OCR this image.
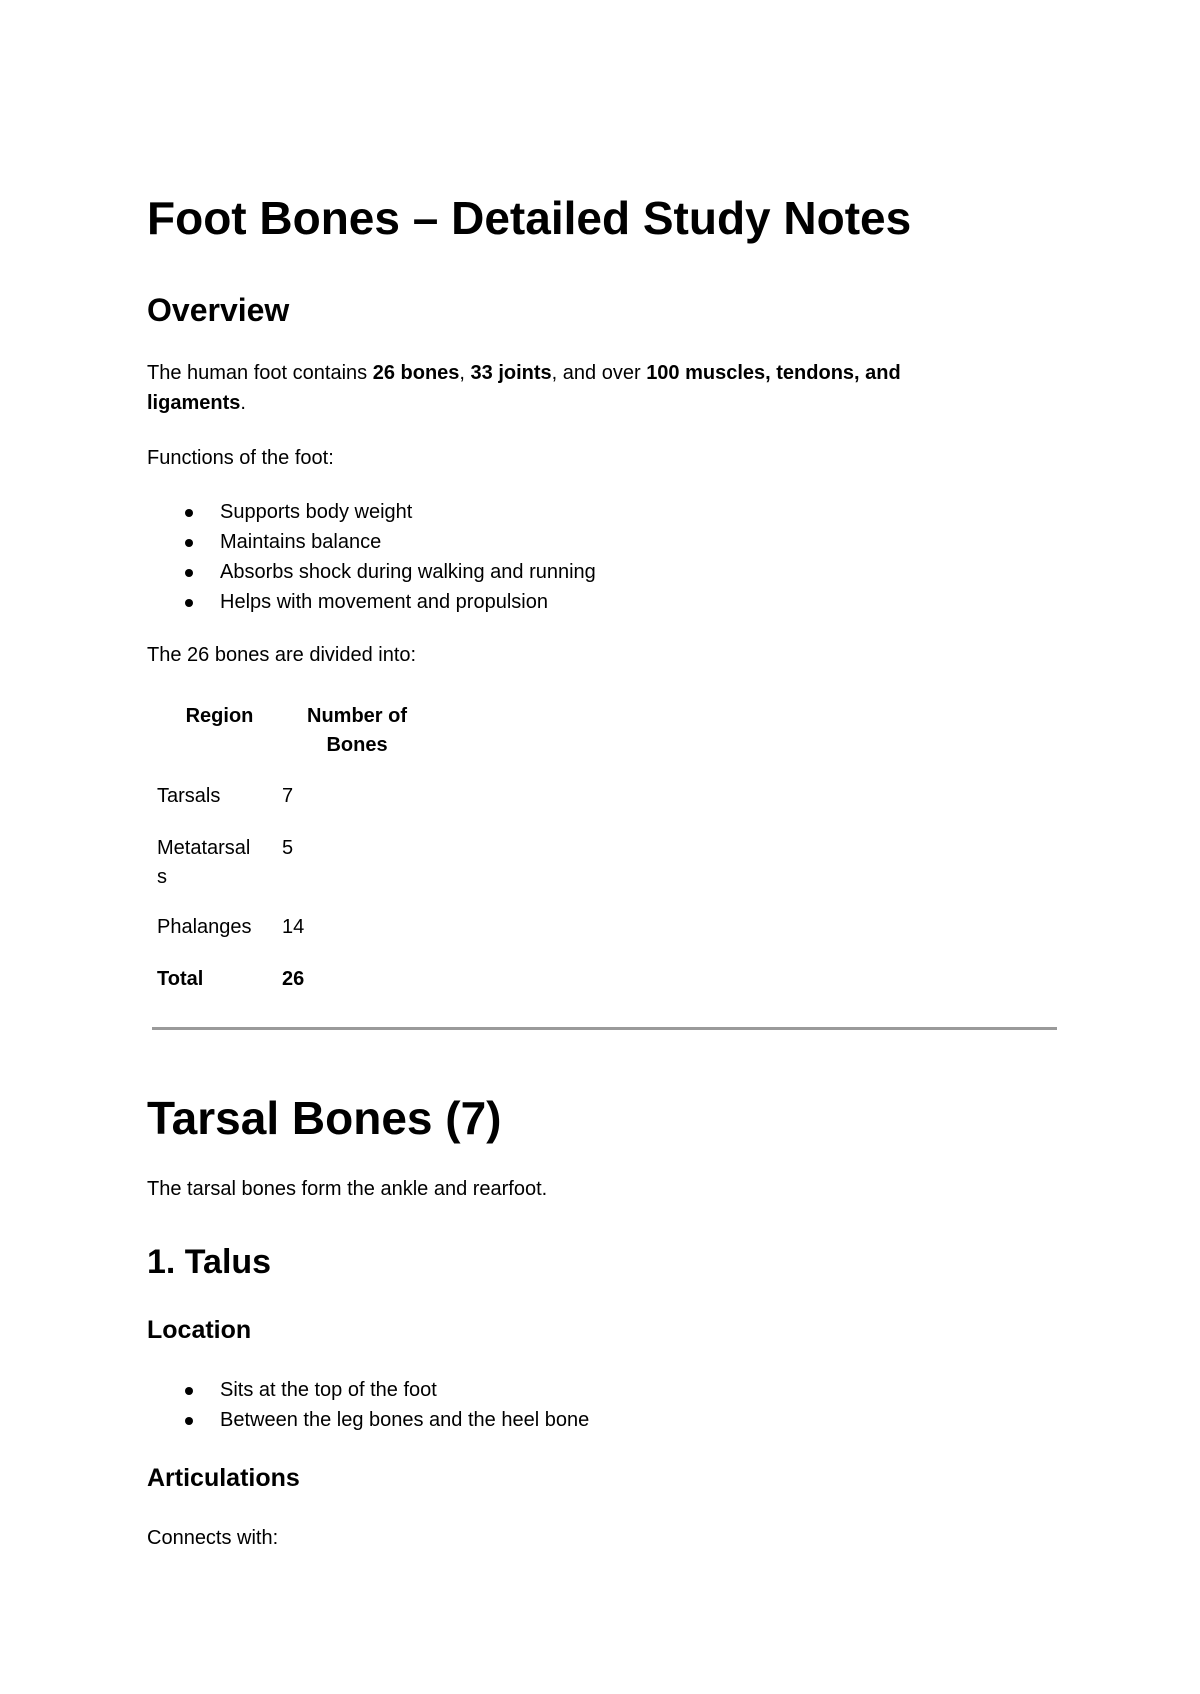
Foot Bones – Detailed Study Notes
Overview

The human foot contains 26 bones, 33 joints, and over 100 muscles, tendons, and
ligaments.

Functions of the foot:

Supports body weight
Maintains balance
Absorbs shock during walking and running
Helps with movement and propulsion

The 26 bones are divided into:

Region	Number of
Bones
Tarsals	7
Metatarsal
s	5
Phalanges	14
Total	26
Tarsal Bones (7)

The tarsal bones form the ankle and rearfoot.

1. Talus
Location
Sits at the top of the foot
Between the leg bones and the heel bone
Articulations

Connects with:
